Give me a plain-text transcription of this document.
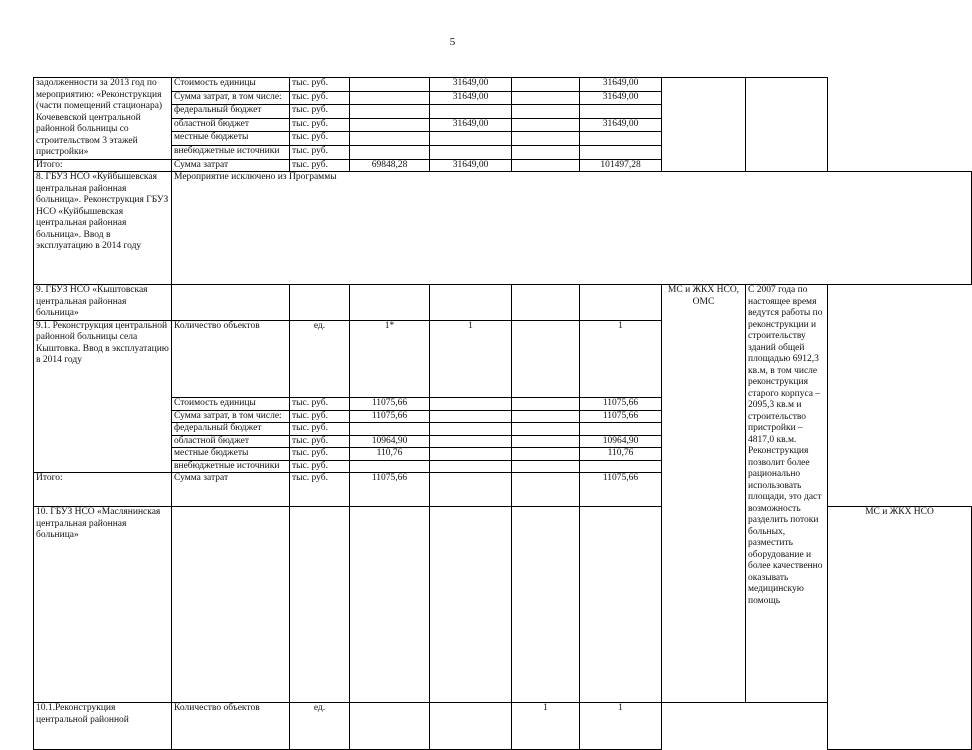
5
задолженности за 2013 год по мероприятию: «Реконструкция (части помещений стационара) Кочевевской центральной районной больницы со строительством 3 этажей пристройки»	Стоимость единицы	тыс. руб.		31649,00		31649,00				
	Сумма затрат, в том числе:	тыс. руб.		31649,00		31649,00				
	федеральный бюджет	тыс. руб.								
	областной бюджет	тыс. руб.		31649,00		31649,00				
	местные бюджеты	тыс. руб.								
	внебюджетные источники	тыс. руб.								
Итого:	Сумма затрат	тыс. руб.	69848,28	31649,00		101497,28				
8. ГБУЗ НСО «Куйбышевская центральная районная больница». Реконструкция ГБУЗ НСО «Куйбышевская центральная районная больница». Ввод в эксплуатацию в 2014 году	Мероприятие исключено из Программы									
9. ГБУЗ НСО «Кыштовская центральная районная больница»							МС и ЖКХ НСО, ОМС	С 2007 года по настоящее время ведутся работы по реконструкции и строительству зданий общей площадью 6912,3 кв.м, в том числе реконструкция старого корпуса – 2095,3 кв.м и строительство пристройки – 4817,0 кв.м. Реконструкция позволит более рационально использовать площади, это даст возможность разделить потоки больных, разместить оборудование и более качественно оказывать медицинскую помощь		
9.1. Реконструкция центральной районной больницы села Кыштовка. Ввод в эксплуатацию в 2014 году	Количество объектов	ед.	1*	1		1				
	Стоимость единицы	тыс. руб.	11075,66			11075,66				
	Сумма затрат, в том числе:	тыс. руб.	11075,66			11075,66				
	федеральный бюджет	тыс. руб.								
	областной бюджет	тыс. руб.	10964,90			10964,90				
	местные бюджеты	тыс. руб.	110,76			110,76				
	внебюджетные источники	тыс. руб.								
Итого:	Сумма затрат	тыс. руб.	11075,66			11075,66				
10. ГБУЗ НСО «Маслянинская центральная районная больница»									МС и ЖКХ НСО	
10.1.Реконструкция центральной районной	Количество объектов	ед.			1	1				
